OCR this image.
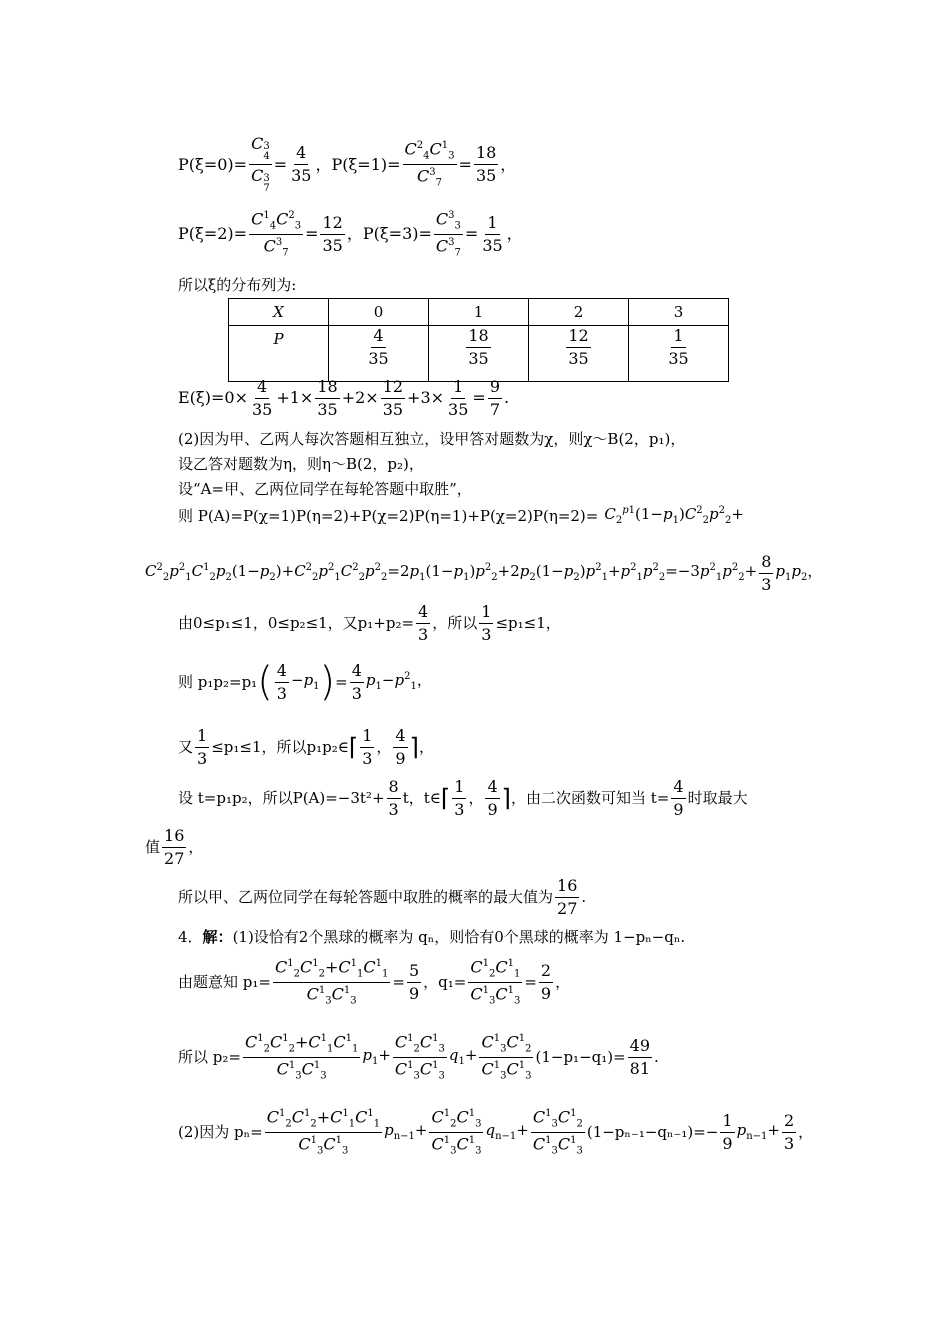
P(ξ=0)= C 3
4
C 3
$7 = \frac{4}{35}$ ， $P(\xi=1)= \frac{C^2_4C^1_3}{C^3_7} = \frac{18}{35}$ ，
$P(\xi=2)= \frac{C^1_4C^2_3}{C^3_7} = \frac{12}{35}$ ， $P(\xi=3)= \frac{C^3_3}{C^3_7} = \frac{1}{35}$ ，
所以ξ的分布列为:
X	0	1	2	3
P	$\frac{4}{35}$	$\frac{18}{35}$	$\frac{12}{35}$	$\frac{1}{35}$
$E(\xi)=0\times \frac{4}{35} +1\times \frac{18}{35} +2\times \frac{12}{35} +3\times \frac{1}{35} = \frac{9}{7}$ .
(2)因为甲、乙两人每次答题相互独立，设甲答对题数为χ，则χ～B(2，p₁)，
设乙答对题数为η，则η～B(2，p₂)，
设“A=甲、乙两位同学在每轮答题中取胜”，
则 $P(A)=P(\chi=1)P(\eta=2)+P(\chi=2)P(\eta=1)+P(\chi=2)P(\eta=2)= C_2^{p1}(1-p_1)C^2_2p^2_2+$
$C^2_2p^2_1C^1_2p_2(1-p_2)+C^2_2p^2_1C^2_2p^2_2=2p_1(1-p_1)p^2_2+2p_2(1-p_2)p^2_1+p^2_1p^2_2=-3p^2_1p^2_2+ \frac{8}{3} p_1p_2$，
由0≤p₁≤1，0≤p₂≤1，又$p_1+p_2= \frac{4}{3}$ ，所以 $\frac{1}{3} \le p_1\le 1$，
则 p₁p₂=p₁ ( 4
3
$-p_1$ ) = $\frac{4}{3} p_1-p^2_1$，
又 $\frac{1}{3} \le p_1\le 1$，所以p₁p₂∈ ⌈ 1
3
，
4
9 ⌉ ，
设 t=p₁p₂，所以$P(A)=-3t^2+ \frac{8}{3}$ t，t∈ ⌈ 1
3
，
4
9 ⌉ ，由二次函数可知当 $t= \frac{4}{9}$ 时取最大
值
16
27
，
所以甲、乙两位同学在每轮答题中取胜的概率的最大值为
16
27
.
4．解：(1)设恰有2个黑球的概率为 qₙ，则恰有0个黑球的概率为 1−pₙ−qₙ.
由题意知 $p_1= \frac{C^1_2C^1_2+C^1_1C^1_1}{C^1_3C^1_3} = \frac{5}{9}$ ，$q_1= \frac{C^1_2C^1_1}{C^1_3C^1_3} = \frac{2}{9}$ ，
所以 $p_2= \frac{C^1_2C^1_2+C^1_1C^1_1}{C^1_3C^1_3} p_1+ \frac{C^1_2C^1_3}{C^1_3C^1_3} q_1+ \frac{C^1_3C^1_2}{C^1_3C^1_3} (1-p_1-q_1)= \frac{49}{81}$ .
(2)因为 $p_n= \frac{C^1_2C^1_2+C^1_1C^1_1}{C^1_3C^1_3} p_{n-1}+ \frac{C^1_2C^1_3}{C^1_3C^1_3} q_{n-1}+ \frac{C^1_3C^1_2}{C^1_3C^1_3} (1-p_{n-1}-q_{n-1})=- \frac{1}{9} p_{n-1}+ \frac{2}{3}$ ，
